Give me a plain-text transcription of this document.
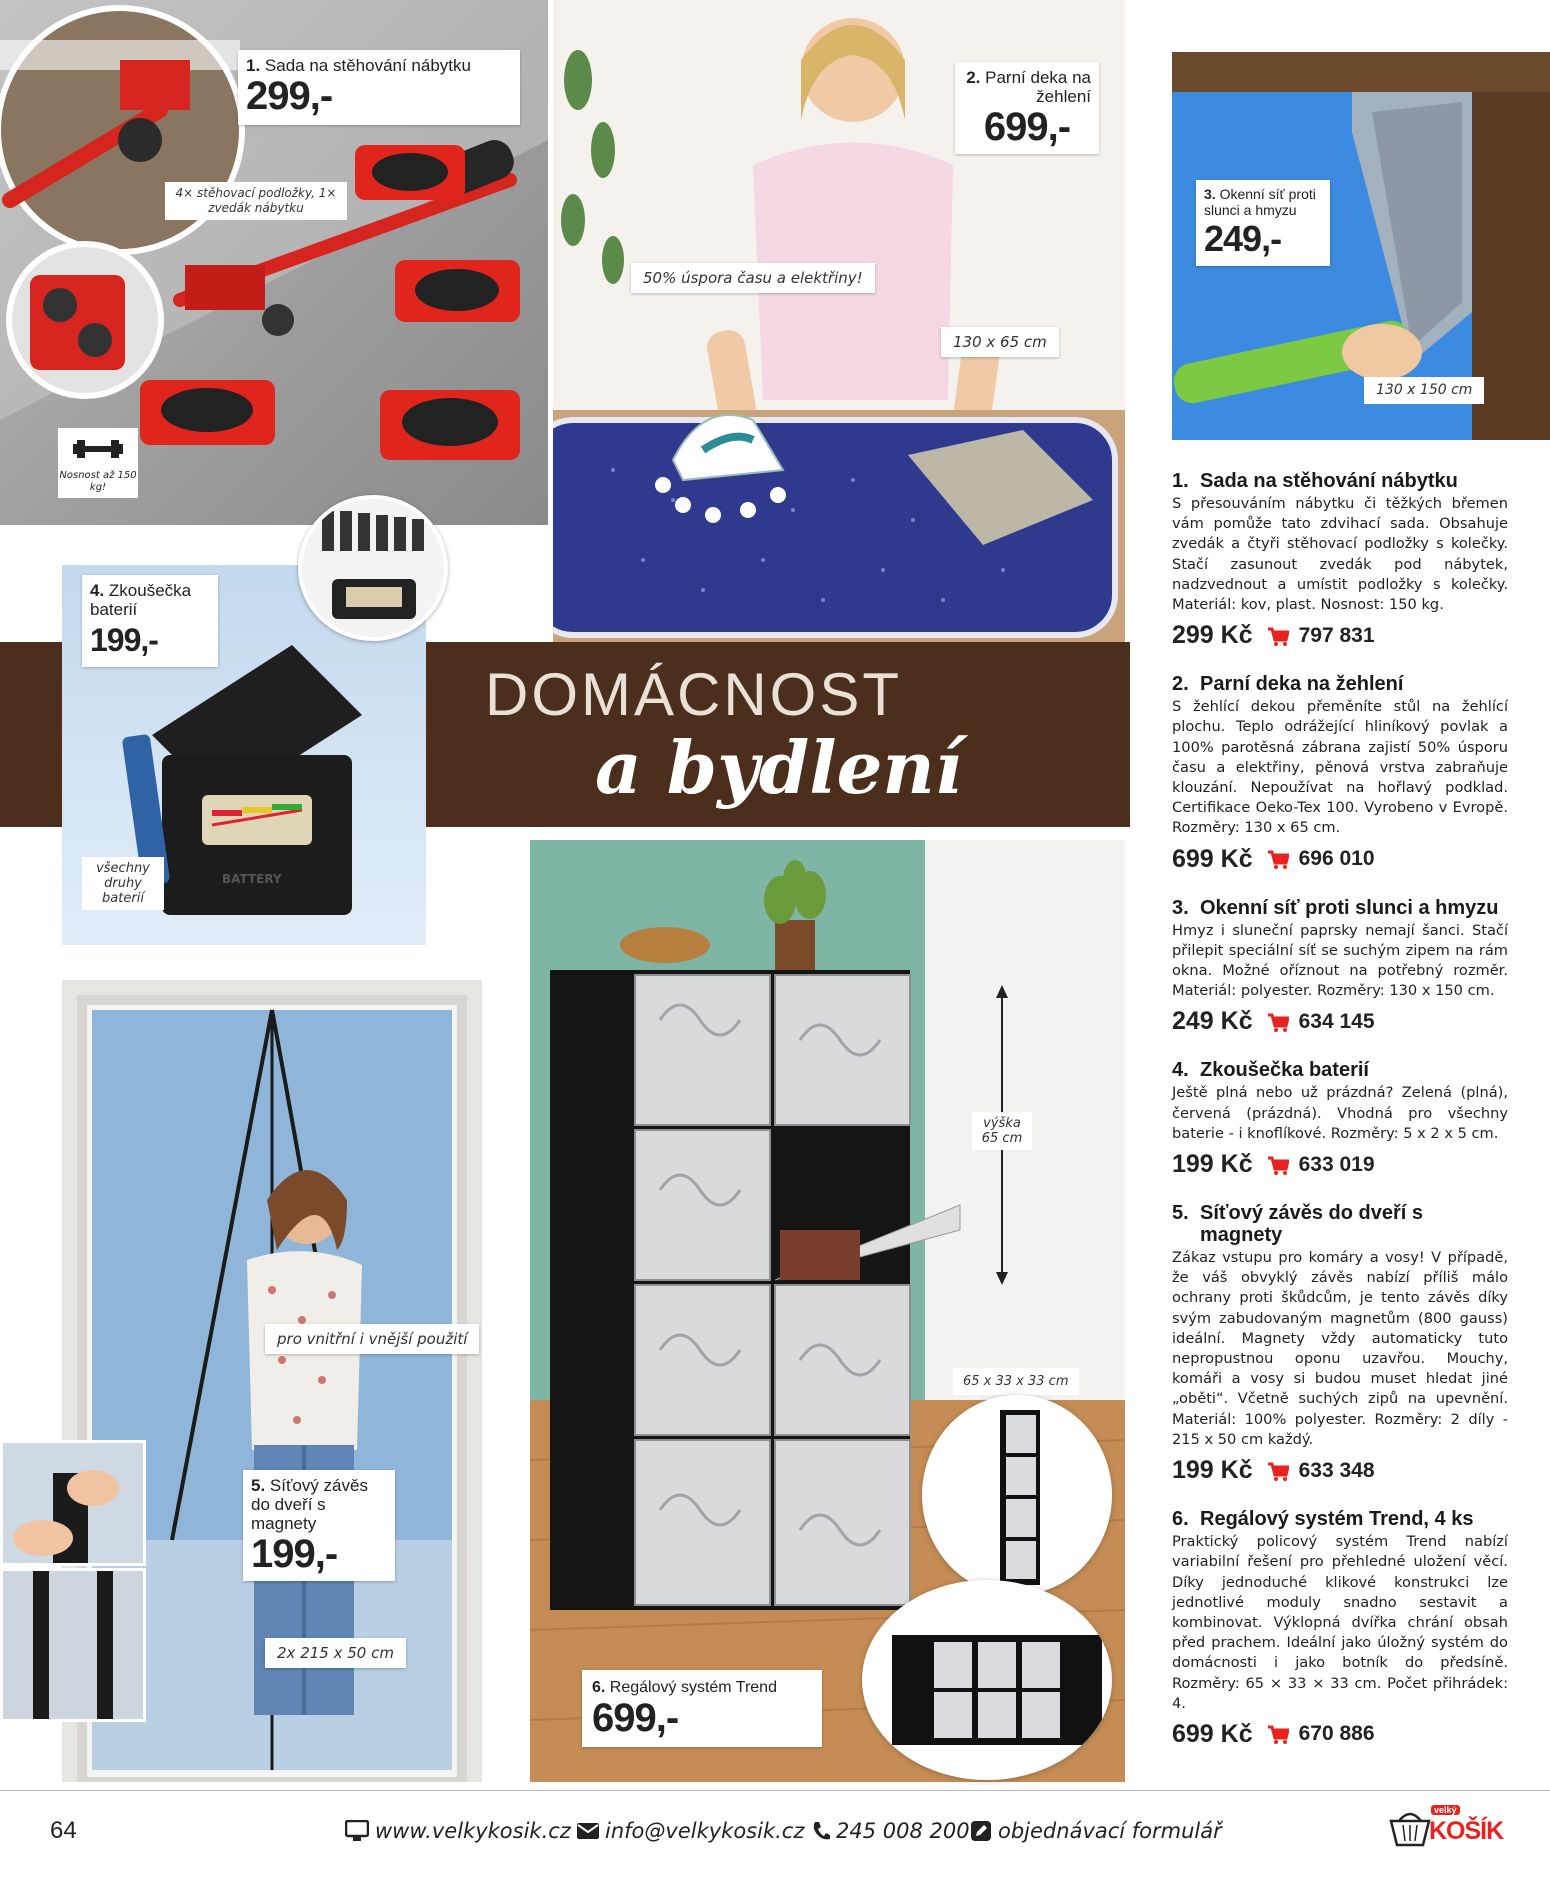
4× stěhovací podložky, 1× zvedák nábytku
Nosnost až 150 kg!
1. Sada na stěhování nábytku
299,-
50% úspora času a elektřiny!
130 x 65 cm
2. Parní deka na žehlení
699,-
130 x 150 cm
3. Okenní síť proti slunci a hmyzu
249,-
DOMÁCNOST
a bydlení
BATTERY
všechny druhy baterií
4. Zkoušečka baterií
199,-
pro vnitřní i vnější použití
2x 215 x 50 cm
5. Síťový závěs do dveří s magnety
199,-
výška 65 cm
65 x 33 x 33 cm
6. Regálový systém Trend
699,-
1. Sada na stěhování nábytku

S přesouváním nábytku či těžkých břemen vám pomůže tato zdvihací sada. Obsahuje zvedák a čtyři stěhovací podložky s kolečky. Stačí zasunout zvedák pod nábytek, nadzvednout a umístit podložky s kolečky. Materiál: kov, plast. Nosnost: 150 kg.

299 Kč 797 831
2. Parní deka na žehlení

S žehlící dekou přeměníte stůl na žehlící plochu. Teplo odrážející hliníkový povlak a 100% parotěsná zábrana zajistí 50% úsporu času a elektřiny, pěnová vrstva zabraňuje klouzání. Nepoužívat na hořlavý podklad. Certifikace Oeko-Tex 100. Vyrobeno v Evropě. Rozměry: 130 x 65 cm.

699 Kč 696 010
3. Okenní síť proti slunci a hmyzu

Hmyz i sluneční paprsky nemají šanci. Stačí přilepit speciální síť se suchým zipem na rám okna. Možné oříznout na potřebný rozměr. Materiál: polyester. Rozměry: 130 x 150 cm.

249 Kč 634 145
4. Zkoušečka baterií

Ještě plná nebo už prázdná? Zelená (plná), červená (prázdná). Vhodná pro všechny baterie - i knoflíkové. Rozměry: 5 x 2 x 5 cm.

199 Kč 633 019
5. Síťový závěs do dveří s magnety

Zákaz vstupu pro komáry a vosy! V případě, že váš obvyklý závěs nabízí příliš málo ochrany proti škůdcům, je tento závěs díky svým zabudovaným magnetům (800 gauss) ideální. Magnety vždy automaticky tuto nepropustnou oponu uzavřou. Mouchy, komáři a vosy si budou muset hledat jiné „oběti“. Včetně suchých zipů na upevnění. Materiál: 100% polyester. Rozměry: 2 díly - 215 x 50 cm každý.

199 Kč 633 348
6. Regálový systém Trend, 4 ks

Praktický policový systém Trend nabízí variabilní řešení pro přehledné uložení věcí. Díky jednoduché klikové konstrukci lze jednotlivé moduly snadno sestavit a kombinovat. Výklopná dvířka chrání obsah před prachem. Ideální jako úložný systém do domácnosti i jako botník do předsíně. Rozměry: 65 × 33 × 33 cm. Počet přihrádek: 4.

699 Kč 670 886
64	www.velkykosik.cz info@velkykosik.cz 245 008 200 objednávací formulář
velký
KOŠÍK
